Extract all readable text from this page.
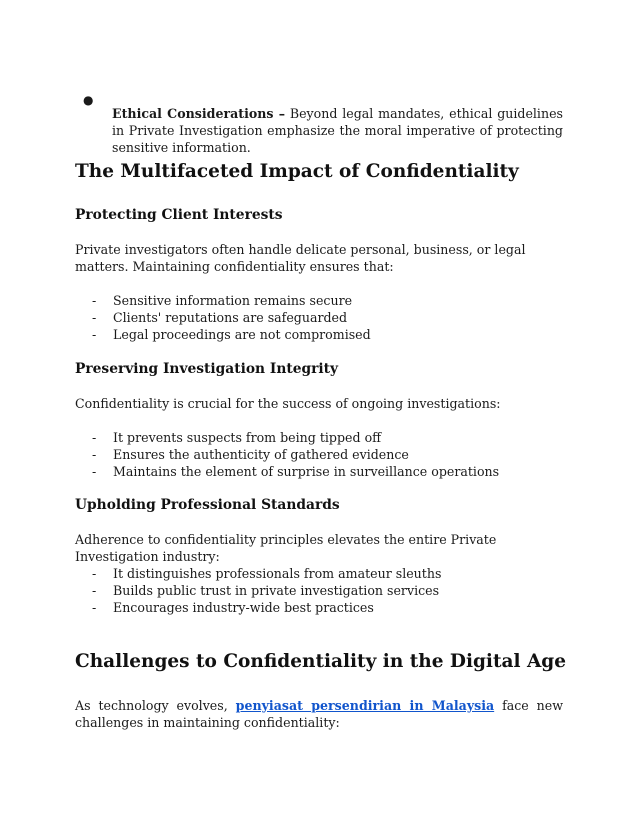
●

Ethical Considerations – Beyond legal mandates, ethical guidelines in Private Investigation emphasize the moral imperative of protecting sensitive information.

The Multifaceted Impact of Confidentiality
Protecting Client Interests

Private investigators often handle delicate personal, business, or legal matters. Maintaining confidentiality ensures that:

- Sensitive information remains secure
- Clients' reputations are safeguarded
- Legal proceedings are not compromised
Preserving Investigation Integrity

Confidentiality is crucial for the success of ongoing investigations:

- It prevents suspects from being tipped off
- Ensures the authenticity of gathered evidence
- Maintains the element of surprise in surveillance operations
Upholding Professional Standards

Adherence to confidentiality principles elevates the entire Private Investigation industry:

- It distinguishes professionals from amateur sleuths
- Builds public trust in private investigation services
- Encourages industry-wide best practices
Challenges to Confidentiality in the Digital Age

As technology evolves, penyiasat persendirian in Malaysia face new challenges in maintaining confidentiality:
